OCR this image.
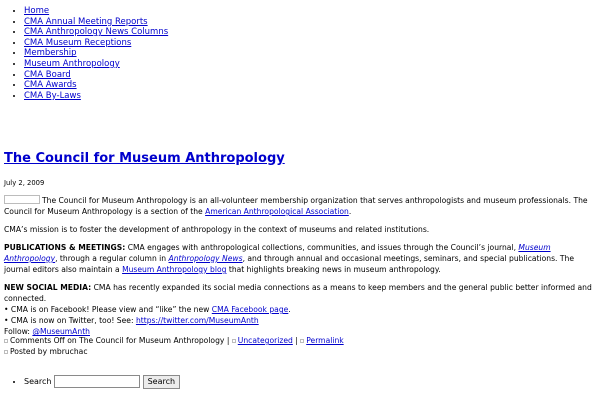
• Home
• CMA Annual Meeting Reports
• CMA Anthropology News Columns
• CMA Museum Receptions
• Membership
• Museum Anthropology
• CMA Board
• CMA Awards
• CMA By-Laws
The Council for Museum Anthropology
July 2, 2009

The Council for Museum Anthropology is an all-volunteer membership organization that serves anthropologists and museum professionals. The Council for Museum Anthropology is a section of the American Anthropological Association.

CMA’s mission is to foster the development of anthropology in the context of museums and related institutions.

PUBLICATIONS & MEETINGS: CMA engages with anthropological collections, communities, and issues through the Council’s journal, Museum Anthropology, through a regular column in Anthropology News, and through annual and occasional meetings, seminars, and special publications. The journal editors also maintain a Museum Anthropology blog that highlights breaking news in museum anthropology.

NEW SOCIAL MEDIA: CMA has recently expanded its social media connections as a means to keep members and the general public better informed and connected.
• CMA is on Facebook! Please view and “like” the new CMA Facebook page.
• CMA is now on Twitter, too! See: https://twitter.com/MuseumAnth
Follow: @MuseumAnth

Comments Off on The Council for Museum Anthropology | Uncategorized | Permalink
Posted by mbruchac
• Search	Search
